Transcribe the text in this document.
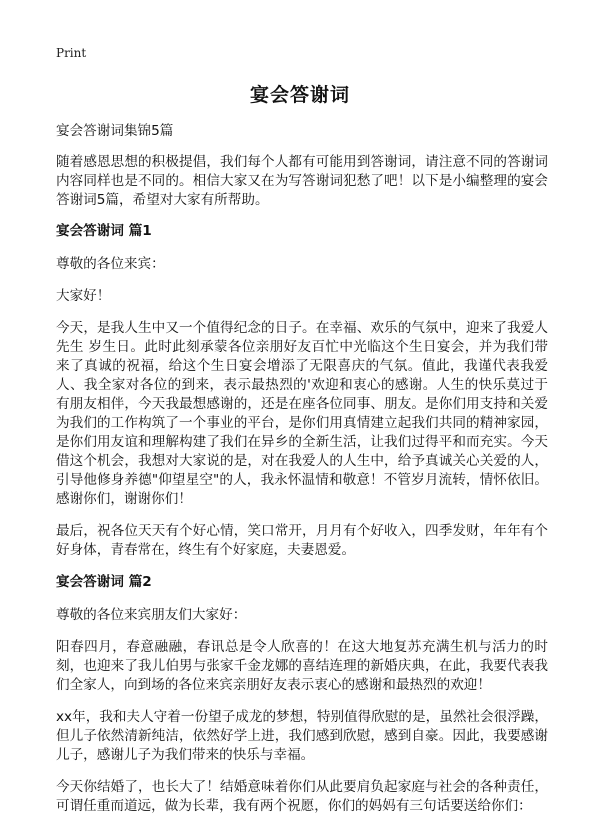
Print
宴会答谢词

宴会答谢词集锦5篇

随着感恩思想的积极提倡，我们每个人都有可能用到答谢词，请注意不同的答谢词内容同样也是不同的。相信大家又在为写答谢词犯愁了吧！以下是小编整理的宴会答谢词5篇，希望对大家有所帮助。

宴会答谢词 篇1

尊敬的各位来宾：

大家好！

今天，是我人生中又一个值得纪念的日子。在幸福、欢乐的气氛中，迎来了我爱人先生 岁生日。此时此刻承蒙各位亲朋好友百忙中光临这个生日宴会，并为我们带来了真诚的祝福，给这个生日宴会增添了无限喜庆的气氛。值此，我谨代表我爱人、我全家对各位的到来，表示最热烈的'欢迎和衷心的感谢。人生的快乐莫过于有朋友相伴，今天我最想感谢的，还是在座各位同事、朋友。是你们用支持和关爱为我们的工作构筑了一个事业的平台，是你们用真情建立起我们共同的精神家园，是你们用友谊和理解构建了我们在异乡的全新生活，让我们过得平和而充实。今天借这个机会，我想对大家说的是，对在我爱人的人生中，给予真诚关心关爱的人，引导他修身养德"仰望星空"的人，我永怀温情和敬意！不管岁月流转，情怀依旧。感谢你们，谢谢你们！

最后，祝各位天天有个好心情，笑口常开，月月有个好收入，四季发财，年年有个好身体，青春常在，终生有个好家庭，夫妻恩爱。

宴会答谢词 篇2

尊敬的各位来宾朋友们大家好：

阳春四月，春意融融，春讯总是令人欣喜的！在这大地复苏充满生机与活力的时刻，也迎来了我儿伯男与张家千金龙娜的喜结连理的新婚庆典，在此，我要代表我们全家人，向到场的各位来宾亲朋好友表示衷心的感谢和最热烈的欢迎！

xx年，我和夫人守着一份望子成龙的梦想，特别值得欣慰的是，虽然社会很浮躁，但儿子依然清新纯洁，依然好学上进，我们感到欣慰，感到自豪。因此，我要感谢儿子，感谢儿子为我们带来的快乐与幸福。

今天你结婚了，也长大了！结婚意味着你们从此要肩负起家庭与社会的各种责任，可谓任重而道远，做为长辈，我有两个祝愿，你们的妈妈有三句话要送给你们：
